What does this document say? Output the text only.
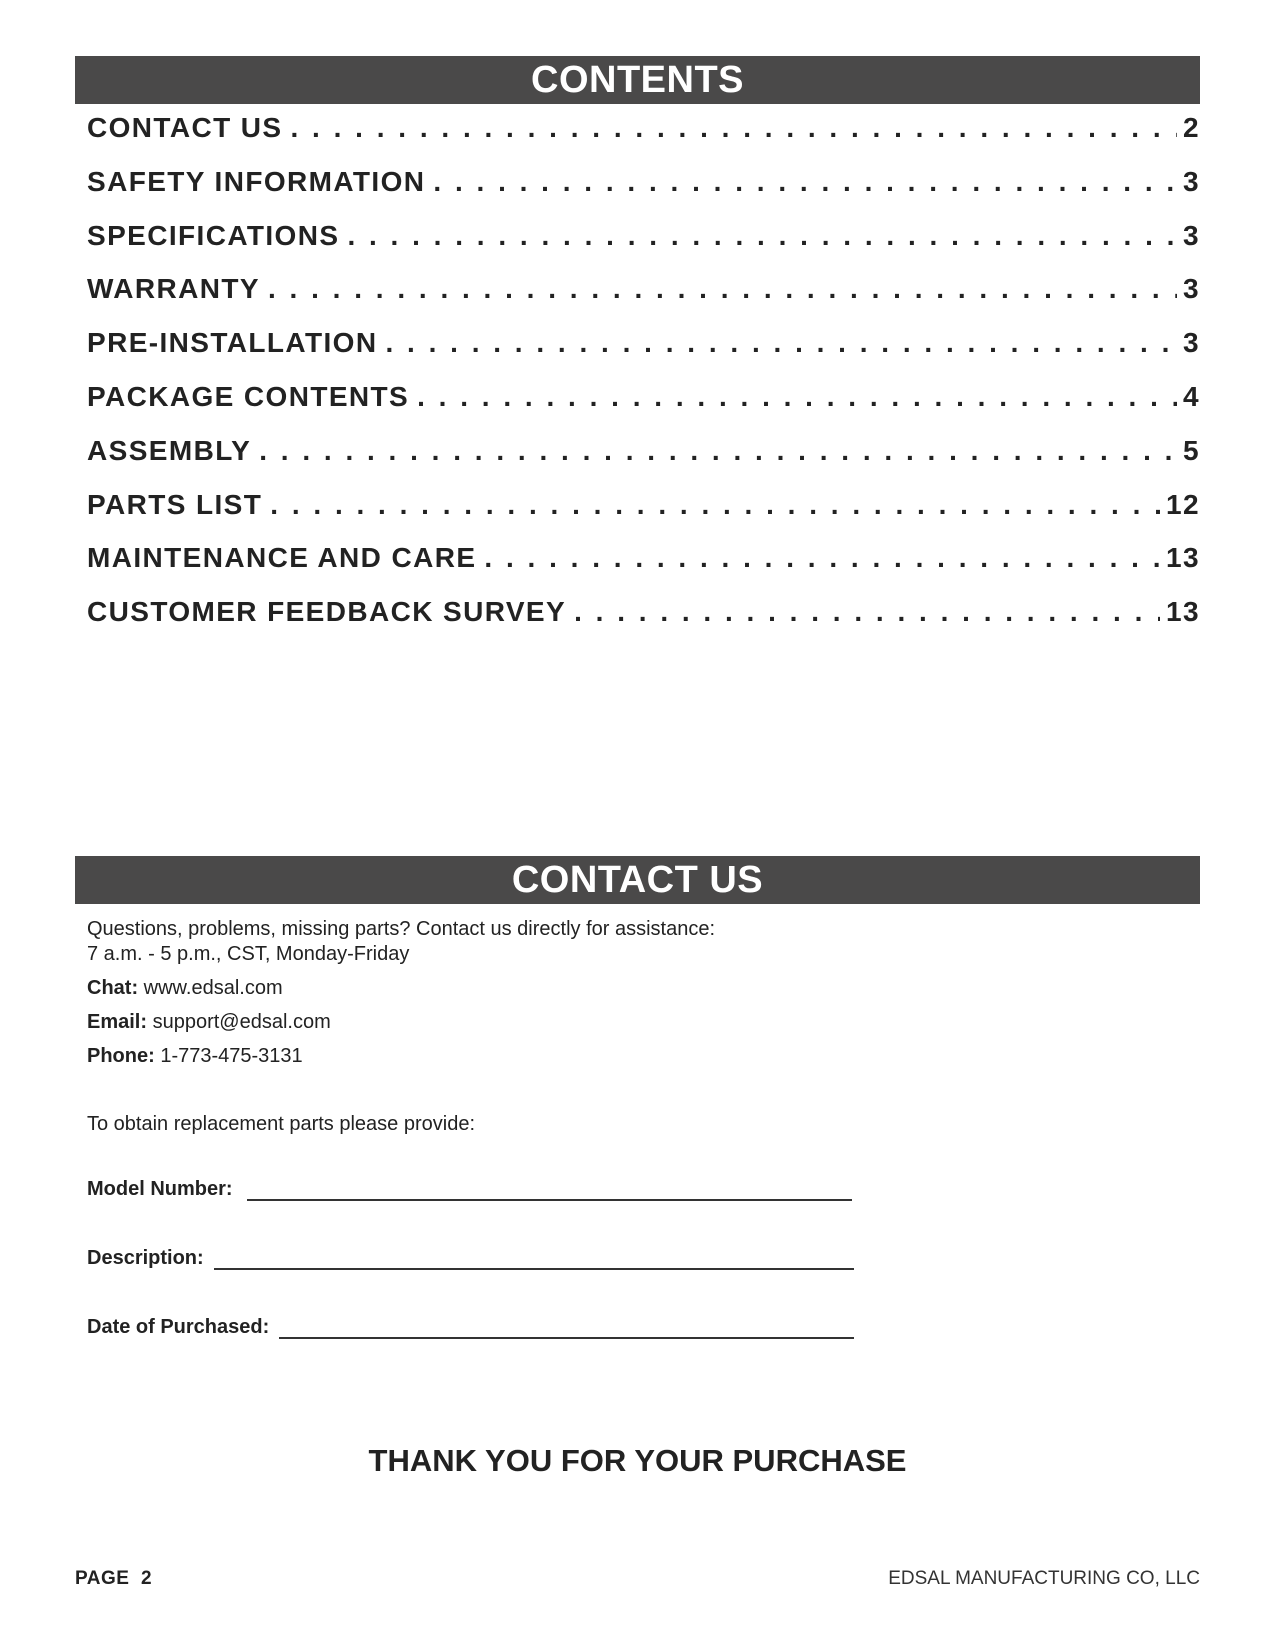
CONTENTS
CONTACT US . . .	2
SAFETY INFORMATION . . .	3
SPECIFICATIONS . . .	3
WARRANTY . . .	3
PRE-INSTALLATION . . .	3
PACKAGE CONTENTS . . .	4
ASSEMBLY . . .	5
PARTS LIST . . .	12
MAINTENANCE AND CARE . . .	13
CUSTOMER FEEDBACK SURVEY . . .	13
CONTACT US

Questions, problems, missing parts? Contact us directly for assistance:

7 a.m. - 5 p.m., CST, Monday-Friday

Chat: www.edsal.com

Email: support@edsal.com

Phone: 1-773-475-3131

To obtain replacement parts please provide:

Model Number:
Description:
Date of Purchased:
THANK YOU FOR YOUR PURCHASE
PAGE  2	EDSAL MANUFACTURING CO, LLC
